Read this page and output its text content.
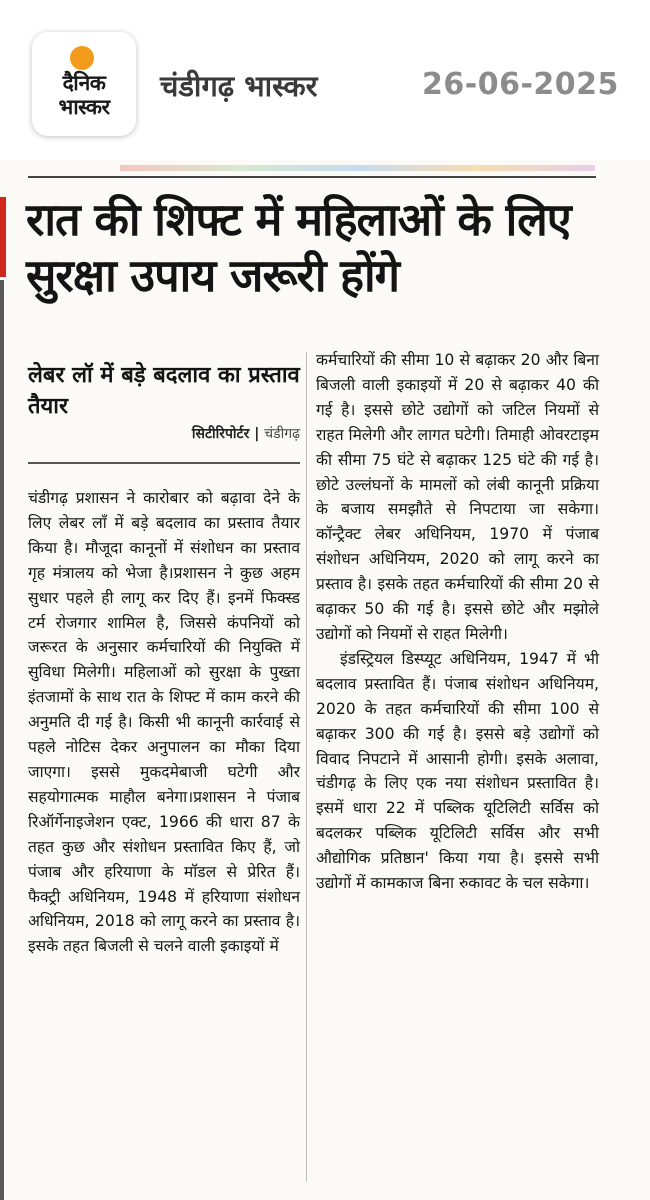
दैनिक
भास्कर
चंडीगढ़ भास्कर	26-06-2025
रात की शिफ्ट में महिलाओं के लिए सुरक्षा उपाय जरूरी होंगे
लेबर लॉ में बड़े बदलाव का प्रस्ताव तैयार
सिटीरिपोर्टर | चंडीगढ़

चंडीगढ़ प्रशासन ने कारोबार को बढ़ावा देने के लिए लेबर लॉं में बड़े बदलाव का प्रस्ताव तैयार किया है। मौजूदा कानूनों में संशोधन का प्रस्ताव गृह मंत्रालय को भेजा है।प्रशासन ने कुछ अहम सुधार पहले ही लागू कर दिए हैं। इनमें फिक्स्ड टर्म रोजगार शामिल है, जिससे कंपनियों को जरूरत के अनुसार कर्मचारियों की नियुक्ति में सुविधा मिलेगी। महिलाओं को सुरक्षा के पुख्ता इंतजामों के साथ रात के शिफ्ट में काम करने की अनुमति दी गई है। किसी भी कानूनी कार्रवाई से पहले नोटिस देकर अनुपालन का मौका दिया जाएगा। इससे मुकदमेबाजी घटेगी और सहयोगात्मक माहौल बनेगा।प्रशासन ने पंजाब रिऑर्गेनाइजेशन एक्ट, 1966 की धारा 87 के तहत कुछ और संशोधन प्रस्तावित किए हैं, जो पंजाब और हरियाणा के मॉडल से प्रेरित हैं। फैक्ट्री अधिनियम, 1948 में हरियाणा संशोधन अधिनियम, 2018 को लागू करने का प्रस्ताव है। इसके तहत बिजली से चलने वाली इकाइयों में

कर्मचारियों की सीमा 10 से बढ़ाकर 20 और बिना बिजली वाली इकाइयों में 20 से बढ़ाकर 40 की गई है। इससे छोटे उद्योगों को जटिल नियमों से राहत मिलेगी और लागत घटेगी। तिमाही ओवरटाइम की सीमा 75 घंटे से बढ़ाकर 125 घंटे की गई है। छोटे उल्लंघनों के मामलों को लंबी कानूनी प्रक्रिया के बजाय समझौते से निपटाया जा सकेगा। कॉन्ट्रैक्ट लेबर अधिनियम, 1970 में पंजाब संशोधन अधिनियम, 2020 को लागू करने का प्रस्ताव है। इसके तहत कर्मचारियों की सीमा 20 से बढ़ाकर 50 की गई है। इससे छोटे और मझोले उद्योगों को नियमों से राहत मिलेगी।

इंडस्ट्रियल डिस्प्यूट अधिनियम, 1947 में भी बदलाव प्रस्तावित हैं। पंजाब संशोधन अधिनियम, 2020 के तहत कर्मचारियों की सीमा 100 से बढ़ाकर 300 की गई है। इससे बड़े उद्योगों को विवाद निपटाने में आसानी होगी। इसके अलावा, चंडीगढ़ के लिए एक नया संशोधन प्रस्तावित है। इसमें धारा 22 में पब्लिक यूटिलिटी सर्विस को बदलकर पब्लिक यूटिलिटी सर्विस और सभी औद्योगिक प्रतिष्ठान' किया गया है। इससे सभी उद्योगों में कामकाज बिना रुकावट के चल सकेगा।
